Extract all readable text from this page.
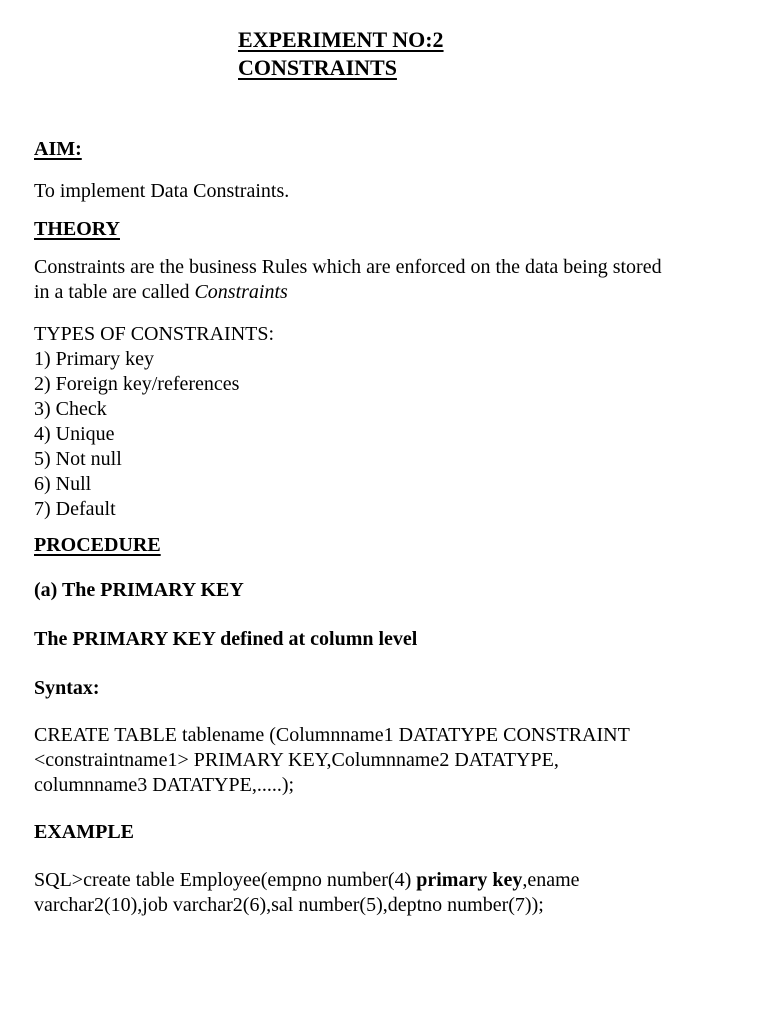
EXPERIMENT NO:2
CONSTRAINTS
AIM:
To implement Data Constraints.
THEORY
Constraints are the business Rules which are enforced on the data being stored
in a table are called Constraints
TYPES OF CONSTRAINTS:
1) Primary key
2) Foreign key/references
3) Check
4) Unique
5) Not null
6) Null
7) Default
PROCEDURE
(a) The PRIMARY KEY
The PRIMARY KEY defined at column level
Syntax:
CREATE TABLE tablename (Columnname1 DATATYPE CONSTRAINT
<constraintname1> PRIMARY KEY,Columnname2 DATATYPE,
columnname3 DATATYPE,.....);
EXAMPLE
SQL>create table Employee(empno number(4) primary key,ename
varchar2(10),job varchar2(6),sal number(5),deptno number(7));
